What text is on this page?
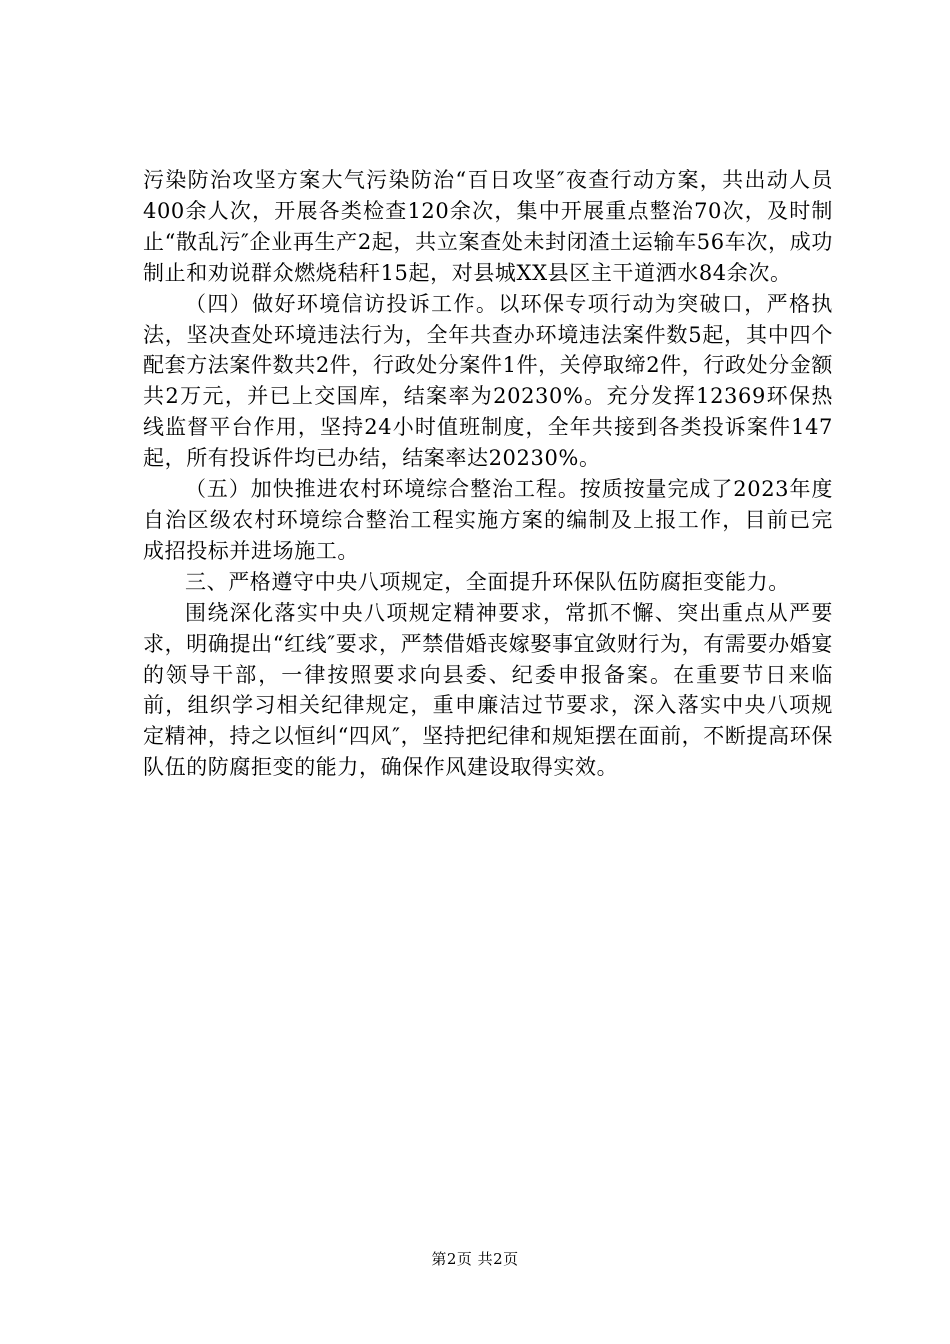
污染防治攻坚方案大气污染防治“百日攻坚″夜查行动方案，共出动人员400余人次，开展各类检查120余次，集中开展重点整治70次，及时制止“散乱污″企业再生产2起，共立案查处未封闭渣土运输车56车次，成功制止和劝说群众燃烧秸秆15起，对县城XX县区主干道洒水84余次。

（四）做好环境信访投诉工作。以环保专项行动为突破口，严格执法，坚决查处环境违法行为，全年共查办环境违法案件数5起，其中四个配套方法案件数共2件，行政处分案件1件，关停取缔2件，行政处分金额共2万元，并已上交国库，结案率为20230%。充分发挥12369环保热线监督平台作用，坚持24小时值班制度，全年共接到各类投诉案件147起，所有投诉件均已办结，结案率达20230%。

（五）加快推进农村环境综合整治工程。按质按量完成了2023年度自治区级农村环境综合整治工程实施方案的编制及上报工作，目前已完成招投标并进场施工。

三、严格遵守中央八项规定，全面提升环保队伍防腐拒变能力。

围绕深化落实中央八项规定精神要求，常抓不懈、突出重点从严要求，明确提出“红线″要求，严禁借婚丧嫁娶事宜敛财行为，有需要办婚宴的领导干部，一律按照要求向县委、纪委申报备案。在重要节日来临前，组织学习相关纪律规定，重申廉洁过节要求，深入落实中央八项规定精神，持之以恒纠“四风″，坚持把纪律和规矩摆在面前，不断提高环保队伍的防腐拒变的能力，确保作风建设取得实效。

第2页 共2页
